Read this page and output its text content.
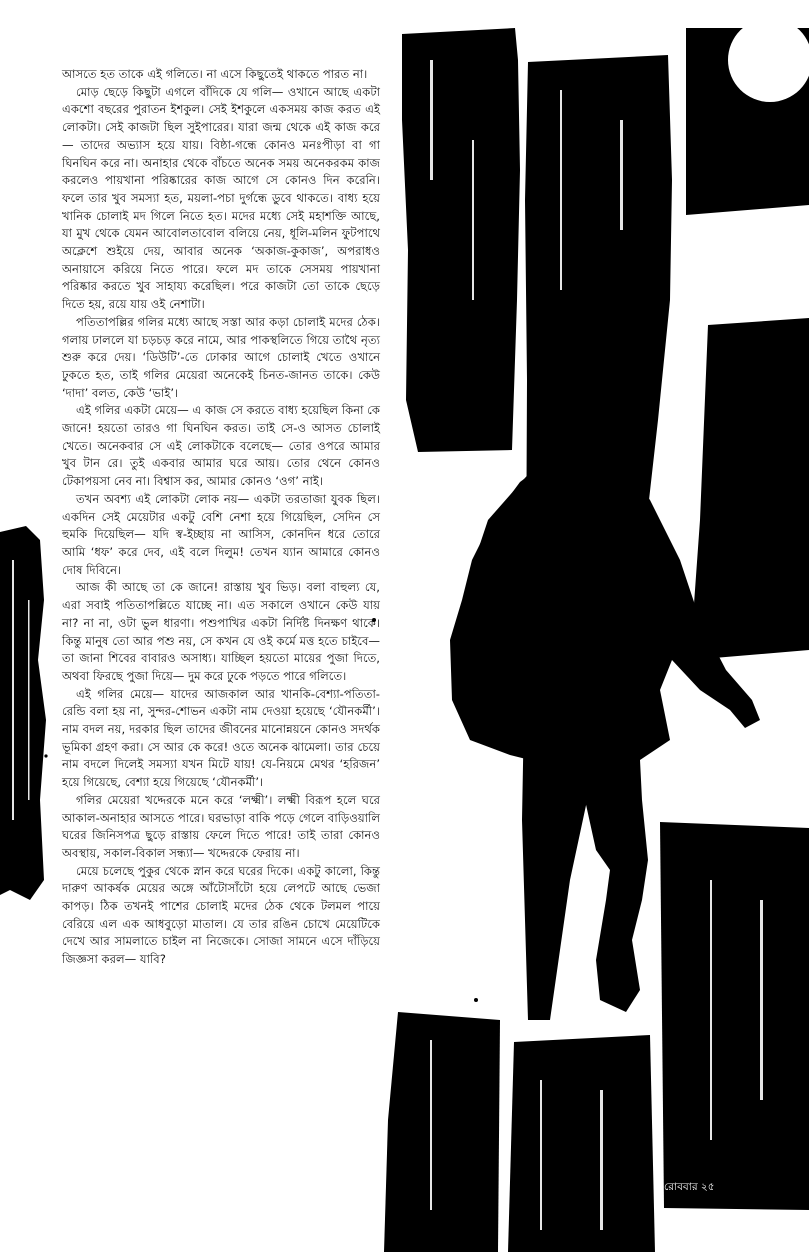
আসতে হত তাকে এই গলিতে। না এসে কিছুতেই থাকতে পারত না।

মোড় ছেড়ে কিছুটা এগলে বাঁদিকে যে গলি— ওখানে আছে একটা একশো বছরের পুরাতন ইশকুল। সেই ইশকুলে একসময় কাজ করত এই লোকটা। সেই কাজটা ছিল সুইপারের। যারা জন্ম থেকে এই কাজ করে— তাদের অভ্যাস হয়ে যায়। বিষ্ঠা-গন্ধে কোনও মনঃপীড়া বা গা ঘিনঘিন করে না। অনাহার থেকে বাঁচতে অনেক সময় অনেকরকম কাজ করলেও পায়খানা পরিষ্কারের কাজ আগে সে কোনও দিন করেনি। ফলে তার খুব সমস্যা হত, ময়লা-পচা দুর্গন্ধে ডুবে থাকতে। বাধ্য হয়ে খানিক চোলাই মদ গিলে নিতে হত। মদের মধ্যে সেই মহাশক্তি আছে, যা মুখ থেকে যেমন আবোলতাবোল বলিয়ে নেয়, ধূলি-মলিন ফুটপাথে অক্লেশে শুইয়ে দেয়, আবার অনেক ‘অকাজ-কুকাজ’, অপরাধও অনায়াসে করিয়ে নিতে পারে। ফলে মদ তাকে সেসময় পায়খানা পরিষ্কার করতে খুব সাহায্য করেছিল। পরে কাজটা তো তাকে ছেড়ে দিতে হয়, রয়ে যায় ওই নেশাটা।

পতিতাপল্লির গলির মধ্যে আছে সস্তা আর কড়া চোলাই মদের ঠেক। গলায় ঢাললে যা চড়চড় করে নামে, আর পাকস্থলিতে গিয়ে তাথৈ নৃত্য শুরু করে দেয়। ‘ডিউটি’-তে ঢোকার আগে চোলাই খেতে ওখানে ঢুকতে হত, তাই গলির মেয়েরা অনেকেই চিনত-জানত তাকে। কেউ ‘দাদা’ বলত, কেউ ‘ভাই’।

এই গলির একটা মেয়ে— এ কাজ সে করতে বাধ্য হয়েছিল কিনা কে জানে! হয়তো তারও গা ঘিনঘিন করত। তাই সে-ও আসত চোলাই খেতে। অনেকবার সে এই লোকটাকে বলেছে— তোর ওপরে আমার খুব টান রে। তুই একবার আমার ঘরে আয়। তোর থেনে কোনও টেকাপয়সা নেব না। বিশ্বাস কর, আমার কোনও ‘ওগ’ নাই।

তখন অবশ্য এই লোকটা লোক নয়— একটা তরতাজা যুবক ছিল। একদিন সেই মেয়েটার একটু বেশি নেশা হয়ে গিয়েছিল, সেদিন সে হুমকি দিয়েছিল— যদি স্ব-ইচ্ছায় না আসিস, কোনদিন ধরে তোরে আমি ‘ধফ’ করে দেব, এই বলে দিলুম! তেখন য্যান আমারে কোনও দোষ দিবিনে।

আজ কী আছে তা কে জানে! রাস্তায় খুব ভিড়। বলা বাহুল্য যে, এরা সবাই পতিতাপল্লিতে যাচ্ছে না। এত সকালে ওখানে কেউ যায় না? না না, ওটা ভুল ধারণা। পশুপাখির একটা নির্দিষ্ট দিনক্ষণ থাকে। কিন্তু মানুষ তো আর পশু নয়, সে কখন যে ওই কর্মে মত্ত হতে চাইবে— তা জানা শিবের বাবারও অসাধ্য। যাচ্ছিল হয়তো মায়ের পুজা দিতে, অথবা ফিরছে পুজা দিয়ে— দুম করে ঢুকে পড়তে পারে গলিতে।

এই গলির মেয়ে— যাদের আজকাল আর খানকি-বেশ্যা-পতিতা-রেন্ডি বলা হয় না, সুন্দর-শোভন একটা নাম দেওয়া হয়েছে ‘যৌনকর্মী’। নাম বদল নয়, দরকার ছিল তাদের জীবনের মানোন্নয়নে কোনও সদর্থক ভূমিকা গ্রহণ করা। সে আর কে করে! ওতে অনেক ঝামেলা। তার চেয়ে নাম বদলে দিলেই সমস্যা যখন মিটে যায়! যে-নিয়মে মেথর ‘হরিজন’ হয়ে গিয়েছে, বেশ্যা হয়ে গিয়েছে ‘যৌনকর্মী’।

গলির মেয়েরা খদ্দেরকে মনে করে ‘লক্ষ্মী’। লক্ষ্মী বিরূপ হলে ঘরে আকাল-অনাহার আসতে পারে। ঘরভাড়া বাকি পড়ে গেলে বাড়িওয়ালি ঘরের জিনিসপত্র ছুড়ে রাস্তায় ফেলে দিতে পারে! তাই তারা কোনও অবস্থায়, সকাল-বিকাল সন্ধ্যা— খদ্দেরকে ফেরায় না।

মেয়ে চলেছে পুকুর থেকে স্নান করে ঘরের দিকে। একটু কালো, কিন্তু দারুণ আকর্ষক মেয়ের অঙ্গে আঁটোসাঁটো হয়ে লেপটে আছে ভেজা কাপড়। ঠিক তখনই পাশের চোলাই মদের ঠেক থেকে টলমল পায়ে বেরিয়ে এল এক আধবুড়ো মাতাল। যে তার রঙিন চোখে মেয়েটিকে দেখে আর সামলাতে চাইল না নিজেকে। সোজা সামনে এসে দাঁড়িয়ে জিজ্ঞসা করল— যাবি?

রোববার ২৫
